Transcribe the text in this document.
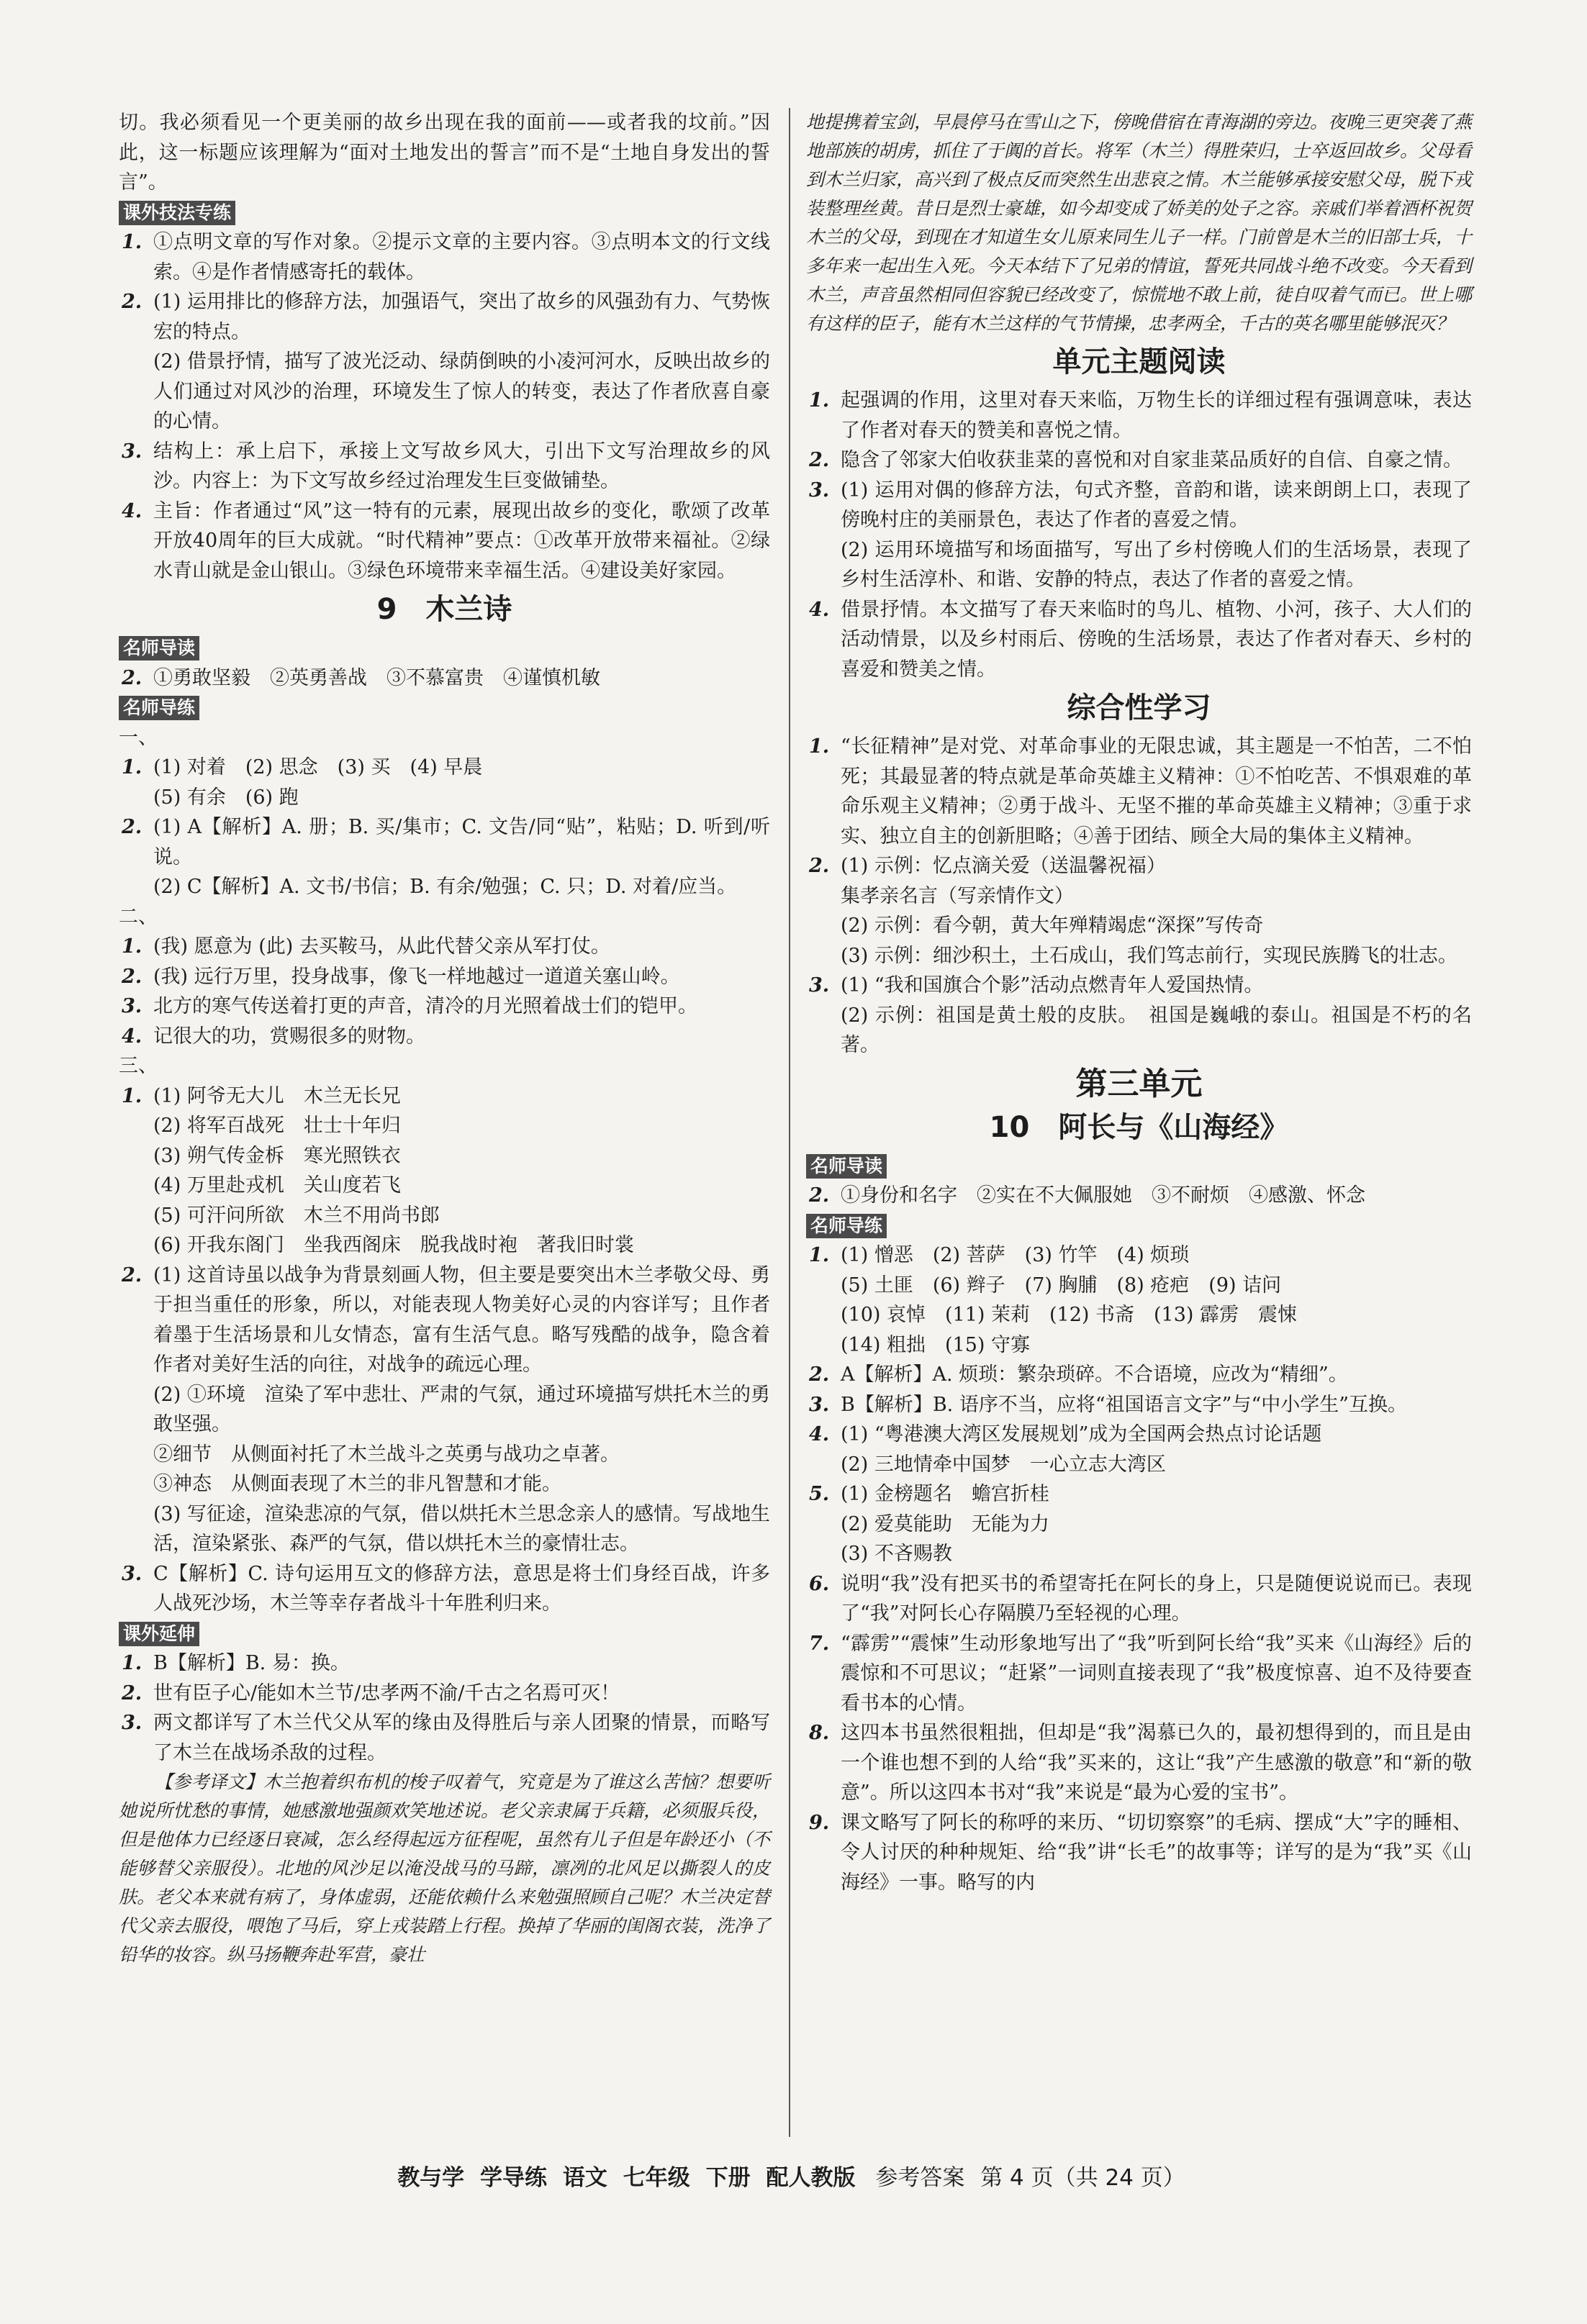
切。我必须看见一个更美丽的故乡出现在我的面前——或者我的坟前。”因此，这一标题应该理解为“面对土地发出的誓言”而不是“土地自身发出的誓言”。

课外技法专练

1. ①点明文章的写作对象。②提示文章的主要内容。③点明本文的行文线索。④是作者情感寄托的载体。

2. (1) 运用排比的修辞方法，加强语气，突出了故乡的风强劲有力、气势恢宏的特点。

(2) 借景抒情，描写了波光泛动、绿荫倒映的小凌河河水，反映出故乡的人们通过对风沙的治理，环境发生了惊人的转变，表达了作者欣喜自豪的心情。

3. 结构上：承上启下，承接上文写故乡风大，引出下文写治理故乡的风沙。内容上：为下文写故乡经过治理发生巨变做铺垫。

4. 主旨：作者通过“风”这一特有的元素，展现出故乡的变化，歌颂了改革开放40周年的巨大成就。“时代精神”要点：①改革开放带来福祉。②绿水青山就是金山银山。③绿色环境带来幸福生活。④建设美好家园。

9 木兰诗
名师导读

2. ①勇敢坚毅　②英勇善战　③不慕富贵　④谨慎机敏

名师导练

一、

1. (1) 对着　(2) 思念　(3) 买　(4) 早晨

(5) 有余　(6) 跑

2. (1) A【解析】A. 册；B. 买/集市；C. 文告/同“贴”，粘贴；D. 听到/听说。

(2) C【解析】A. 文书/书信；B. 有余/勉强；C. 只；D. 对着/应当。

二、

1. (我) 愿意为 (此) 去买鞍马，从此代替父亲从军打仗。

2. (我) 远行万里，投身战事，像飞一样地越过一道道关塞山岭。

3. 北方的寒气传送着打更的声音，清冷的月光照着战士们的铠甲。

4. 记很大的功，赏赐很多的财物。

三、

1. (1) 阿爷无大儿　木兰无长兄

(2) 将军百战死　壮士十年归

(3) 朔气传金柝　寒光照铁衣

(4) 万里赴戎机　关山度若飞

(5) 可汗问所欲　木兰不用尚书郎

(6) 开我东阁门　坐我西阁床　脱我战时袍　著我旧时裳

2. (1) 这首诗虽以战争为背景刻画人物，但主要是要突出木兰孝敬父母、勇于担当重任的形象，所以，对能表现人物美好心灵的内容详写；且作者着墨于生活场景和儿女情态，富有生活气息。略写残酷的战争，隐含着作者对美好生活的向往，对战争的疏远心理。

(2) ①环境　渲染了军中悲壮、严肃的气氛，通过环境描写烘托木兰的勇敢坚强。

②细节　从侧面衬托了木兰战斗之英勇与战功之卓著。

③神态　从侧面表现了木兰的非凡智慧和才能。

(3) 写征途，渲染悲凉的气氛，借以烘托木兰思念亲人的感情。写战地生活，渲染紧张、森严的气氛，借以烘托木兰的豪情壮志。

3. C【解析】C. 诗句运用互文的修辞方法，意思是将士们身经百战，许多人战死沙场，木兰等幸存者战斗十年胜利归来。

课外延伸

1. B【解析】B. 易：换。

2. 世有臣子心/能如木兰节/忠孝两不渝/千古之名焉可灭！

3. 两文都详写了木兰代父从军的缘由及得胜后与亲人团聚的情景，而略写了木兰在战场杀敌的过程。

【参考译文】木兰抱着织布机的梭子叹着气，究竟是为了谁这么苦恼？想要听她说所忧愁的事情，她感激地强颜欢笑地述说。老父亲隶属于兵籍，必须服兵役，但是他体力已经逐日衰减，怎么经得起远方征程呢，虽然有儿子但是年龄还小（不能够替父亲服役）。北地的风沙足以淹没战马的马蹄，凛冽的北风足以撕裂人的皮肤。老父本来就有病了，身体虚弱，还能依赖什么来勉强照顾自己呢？木兰决定替代父亲去服役，喂饱了马后，穿上戎装踏上行程。换掉了华丽的闺阁衣装，洗净了铅华的妆容。纵马扬鞭奔赴军营，豪壮

地提携着宝剑，早晨停马在雪山之下，傍晚借宿在青海湖的旁边。夜晚三更突袭了燕地部族的胡虏，抓住了于阗的首长。将军（木兰）得胜荣归，士卒返回故乡。父母看到木兰归家，高兴到了极点反而突然生出悲哀之情。木兰能够承接安慰父母，脱下戎装整理丝黄。昔日是烈士豪雄，如今却变成了娇美的处子之容。亲戚们举着酒杯祝贺木兰的父母，到现在才知道生女儿原来同生儿子一样。门前曾是木兰的旧部士兵，十多年来一起出生入死。今天本结下了兄弟的情谊，誓死共同战斗绝不改变。今天看到木兰，声音虽然相同但容貌已经改变了，惊慌地不敢上前，徒自叹着气而已。世上哪有这样的臣子，能有木兰这样的气节情操，忠孝两全，千古的英名哪里能够泯灭？

单元主题阅读

1. 起强调的作用，这里对春天来临，万物生长的详细过程有强调意味，表达了作者对春天的赞美和喜悦之情。

2. 隐含了邻家大伯收获韭菜的喜悦和对自家韭菜品质好的自信、自豪之情。

3. (1) 运用对偶的修辞方法，句式齐整，音韵和谐，读来朗朗上口，表现了傍晚村庄的美丽景色，表达了作者的喜爱之情。

(2) 运用环境描写和场面描写，写出了乡村傍晚人们的生活场景，表现了乡村生活淳朴、和谐、安静的特点，表达了作者的喜爱之情。

4. 借景抒情。本文描写了春天来临时的鸟儿、植物、小河，孩子、大人们的活动情景，以及乡村雨后、傍晚的生活场景，表达了作者对春天、乡村的喜爱和赞美之情。

综合性学习

1. “长征精神”是对党、对革命事业的无限忠诚，其主题是一不怕苦，二不怕死；其最显著的特点就是革命英雄主义精神：①不怕吃苦、不惧艰难的革命乐观主义精神；②勇于战斗、无坚不摧的革命英雄主义精神；③重于求实、独立自主的创新胆略；④善于团结、顾全大局的集体主义精神。

2. (1) 示例：忆点滴关爱（送温馨祝福）

集孝亲名言（写亲情作文）

(2) 示例：看今朝，黄大年殚精竭虑“深探”写传奇

(3) 示例：细沙积土，土石成山，我们笃志前行，实现民族腾飞的壮志。

3. (1) “我和国旗合个影”活动点燃青年人爱国热情。

(2) 示例：祖国是黄土般的皮肤。　祖国是巍峨的泰山。祖国是不朽的名著。

第三单元
10 阿长与《山海经》
名师导读

2. ①身份和名字　②实在不大佩服她　③不耐烦　④感激、怀念

名师导练

1. (1) 憎恶　(2) 菩萨　(3) 竹竿　(4) 烦琐

(5) 土匪　(6) 辫子　(7) 胸脯　(8) 疮疤　(9) 诘问

(10) 哀悼　(11) 茉莉　(12) 书斋　(13) 霹雳　震悚

(14) 粗拙　(15) 守寡

2. A【解析】A. 烦琐：繁杂琐碎。不合语境，应改为“精细”。

3. B【解析】B. 语序不当，应将“祖国语言文字”与“中小学生”互换。

4. (1) “粤港澳大湾区发展规划”成为全国两会热点讨论话题

(2) 三地情牵中国梦　一心立志大湾区

5. (1) 金榜题名　蟾宫折桂

(2) 爱莫能助　无能为力

(3) 不吝赐教

6. 说明“我”没有把买书的希望寄托在阿长的身上，只是随便说说而已。表现了“我”对阿长心存隔膜乃至轻视的心理。

7. “霹雳”“震悚”生动形象地写出了“我”听到阿长给“我”买来《山海经》后的震惊和不可思议；“赶紧”一词则直接表现了“我”极度惊喜、迫不及待要查看书本的心情。

8. 这四本书虽然很粗拙，但却是“我”渴慕已久的，最初想得到的，而且是由一个谁也想不到的人给“我”买来的，这让“我”产生感激的敬意”和“新的敬意”。所以这四本书对“我”来说是“最为心爱的宝书”。

9. 课文略写了阿长的称呼的来历、“切切察察”的毛病、摆成“大”字的睡相、令人讨厌的种种规矩、给“我”讲“长毛”的故事等；详写的是为“我”买《山海经》一事。略写的内

教与学 学导练 语文 七年级 下册 配人教版 参考答案 第 4 页（共 24 页）
